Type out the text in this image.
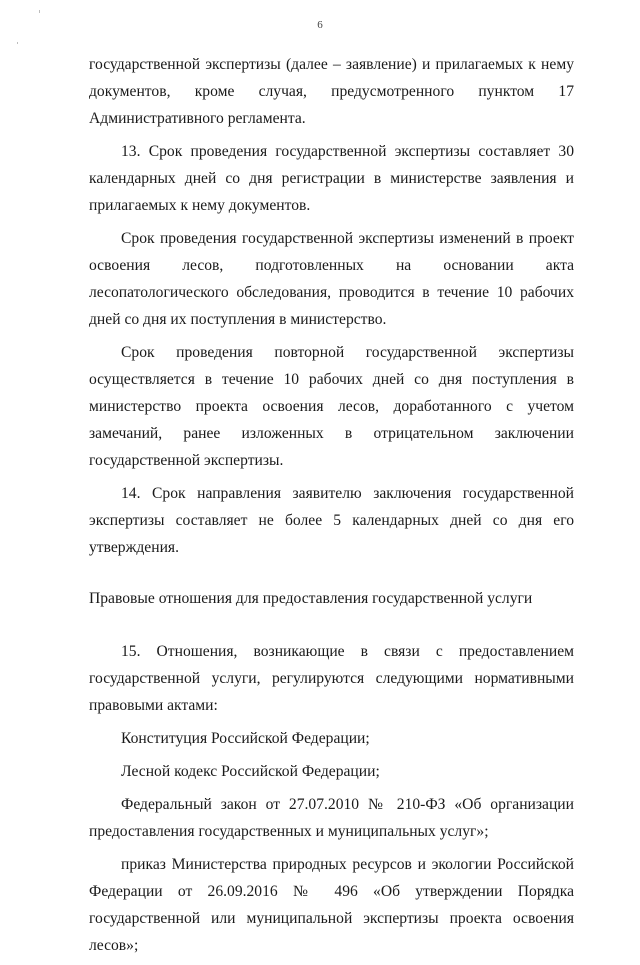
6

государственной экспертизы (далее – заявление) и прилагаемых к нему документов, кроме случая, предусмотренного пунктом 17 Административного регламента.

13. Срок проведения государственной экспертизы составляет 30 календарных дней со дня регистрации в министерстве заявления и прилагаемых к нему документов.

Срок проведения государственной экспертизы изменений в проект освоения лесов, подготовленных на основании акта лесопатологического обследования, проводится в течение 10 рабочих дней со дня их поступления в министерство.

Срок проведения повторной государственной экспертизы осуществляется в течение 10 рабочих дней со дня поступления в министерство проекта освоения лесов, доработанного с учетом замечаний, ранее изложенных в отрицательном заключении государственной экспертизы.

14. Срок направления заявителю заключения государственной экспертизы составляет не более 5 календарных дней со дня его утверждения.

Правовые отношения для предоставления государственной услуги

15. Отношения, возникающие в связи с предоставлением государственной услуги, регулируются следующими нормативными правовыми актами:

Конституция Российской Федерации;

Лесной кодекс Российской Федерации;

Федеральный закон от 27.07.2010 № 210-ФЗ «Об организации предоставления государственных и муниципальных услуг»;

приказ Министерства природных ресурсов и экологии Российской Федерации от 26.09.2016 № 496 «Об утверждении Порядка государственной или муниципальной экспертизы проекта освоения лесов»;
